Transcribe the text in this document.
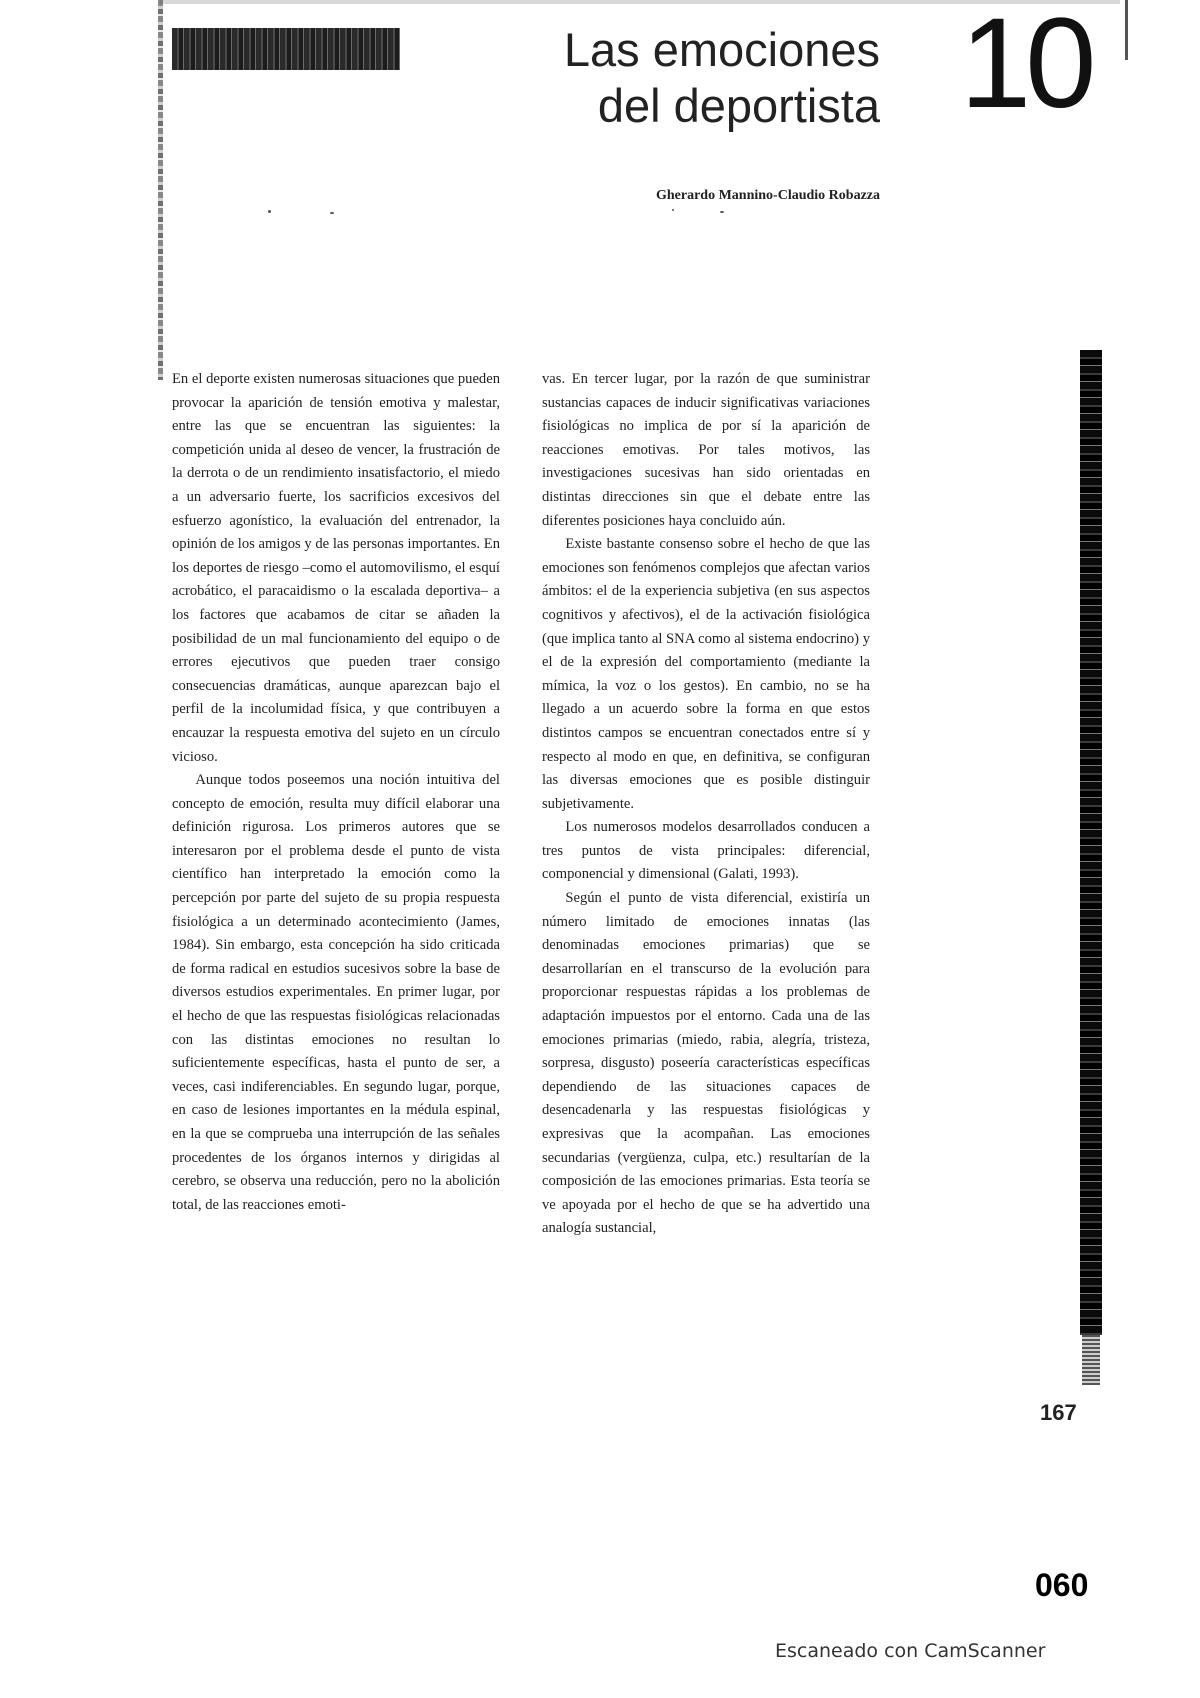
Las emociones
del deportista 10
Gherardo Mannino-Claudio Robazza

En el deporte existen numerosas situaciones que pueden provocar la aparición de tensión emotiva y malestar, entre las que se encuentran las siguientes: la competición unida al deseo de vencer, la frustración de la derrota o de un rendimiento insatisfactorio, el miedo a un adversario fuerte, los sacrificios excesivos del esfuerzo agonístico, la evaluación del entrenador, la opinión de los amigos y de las personas importantes. En los deportes de riesgo –como el automovilismo, el esquí acrobático, el paracaidismo o la escalada deportiva– a los factores que acabamos de citar se añaden la posibilidad de un mal funcionamiento del equipo o de errores ejecutivos que pueden traer consigo consecuencias dramáticas, aunque aparezcan bajo el perfil de la incolumidad física, y que contribuyen a encauzar la respuesta emotiva del sujeto en un círculo vicioso.

Aunque todos poseemos una noción intuitiva del concepto de emoción, resulta muy difícil elaborar una definición rigurosa. Los primeros autores que se interesaron por el problema desde el punto de vista científico han interpretado la emoción como la percepción por parte del sujeto de su propia respuesta fisiológica a un determinado acontecimiento (James, 1984). Sin embargo, esta concepción ha sido criticada de forma radical en estudios sucesivos sobre la base de diversos estudios experimentales. En primer lugar, por el hecho de que las respuestas fisiológicas relacionadas con las distintas emociones no resultan lo suficientemente específicas, hasta el punto de ser, a veces, casi indiferenciables. En segundo lugar, porque, en caso de lesiones importantes en la médula espinal, en la que se comprueba una interrupción de las señales procedentes de los órganos internos y dirigidas al cerebro, se observa una reducción, pero no la abolición total, de las reacciones emoti-

vas. En tercer lugar, por la razón de que suministrar sustancias capaces de inducir significativas variaciones fisiológicas no implica de por sí la aparición de reacciones emotivas. Por tales motivos, las investigaciones sucesivas han sido orientadas en distintas direcciones sin que el debate entre las diferentes posiciones haya concluido aún.

Existe bastante consenso sobre el hecho de que las emociones son fenómenos complejos que afectan varios ámbitos: el de la experiencia subjetiva (en sus aspectos cognitivos y afectivos), el de la activación fisiológica (que implica tanto al SNA como al sistema endocrino) y el de la expresión del comportamiento (mediante la mímica, la voz o los gestos). En cambio, no se ha llegado a un acuerdo sobre la forma en que estos distintos campos se encuentran conectados entre sí y respecto al modo en que, en definitiva, se configuran las diversas emociones que es posible distinguir subjetivamente.

Los numerosos modelos desarrollados conducen a tres puntos de vista principales: diferencial, componencial y dimensional (Galati, 1993).

Según el punto de vista diferencial, existiría un número limitado de emociones innatas (las denominadas emociones primarias) que se desarrollarían en el transcurso de la evolución para proporcionar respuestas rápidas a los problemas de adaptación impuestos por el entorno. Cada una de las emociones primarias (miedo, rabia, alegría, tristeza, sorpresa, disgusto) poseería características específicas dependiendo de las situaciones capaces de desencadenarla y las respuestas fisiológicas y expresivas que la acompañan. Las emociones secundarias (vergüenza, culpa, etc.) resultarían de la composición de las emociones primarias. Esta teoría se ve apoyada por el hecho de que se ha advertido una analogía sustancial,

167
060
Escaneado con CamScanner
